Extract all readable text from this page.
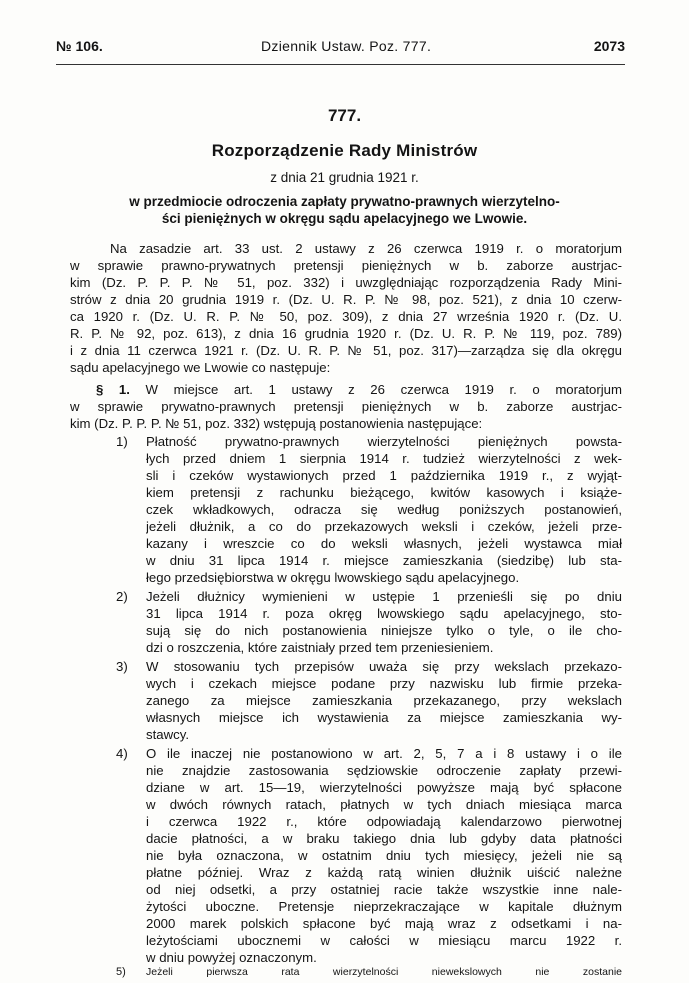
№ 106.	Dziennik Ustaw. Poz. 777.	2073
777.
Rozporządzenie Rady Ministrów
z dnia 21 grudnia 1921 r.
w przedmiocie odroczenia zapłaty prywatno-prawnych wierzytelno-
ści pieniężnych w okręgu sądu apelacyjnego we Lwowie.
Na zasadzie art. 33 ust. 2 ustawy z 26 czerwca 1919 r. o moratorjum
w sprawie prawno-prywatnych pretensji pieniężnych w b. zaborze austrjac-
kim (Dz. P. P. P. № 51, poz. 332) i uwzględniając rozporządzenia Rady Mini-
strów z dnia 20 grudnia 1919 r. (Dz. U. R. P. № 98, poz. 521), z dnia 10 czerw-
ca 1920 r. (Dz. U. R. P. № 50, poz. 309), z dnia 27 września 1920 r. (Dz. U.
R. P. № 92, poz. 613), z dnia 16 grudnia 1920 r. (Dz. U. R. P. № 119, poz. 789)
i z dnia 11 czerwca 1921 r. (Dz. U. R. P. № 51, poz. 317)—zarządza się dla okręgu
sądu apelacyjnego we Lwowie co następuje:
§ 1. W miejsce art. 1 ustawy z 26 czerwca 1919 r. o moratorjum
w sprawie prywatno-prawnych pretensji pieniężnych w b. zaborze austrjac-
kim (Dz. P. P. P. № 51, poz. 332) wstępują postanowienia następujące:
1) Płatność prywatno-prawnych wierzytelności pieniężnych powsta-
łych przed dniem 1 sierpnia 1914 r. tudzież wierzytelności z wek-
sli i czeków wystawionych przed 1 października 1919 r., z wyjąt-
kiem pretensji z rachunku bieżącego, kwitów kasowych i książe-
czek wkładkowych, odracza się według poniższych postanowień,
jeżeli dłużnik, a co do przekazowych weksli i czeków, jeżeli prze-
kazany i wreszcie co do weksli własnych, jeżeli wystawca miał
w dniu 31 lipca 1914 r. miejsce zamieszkania (siedzibę) lub sta-
łego przedsiębiorstwa w okręgu lwowskiego sądu apelacyjnego.
2) Jeżeli dłużnicy wymienieni w ustępie 1 przenieśli się po dniu
31 lipca 1914 r. poza okręg lwowskiego sądu apelacyjnego, sto-
sują się do nich postanowienia niniejsze tylko o tyle, o ile cho-
dzi o roszczenia, które zaistniały przed tem przeniesieniem.
3) W stosowaniu tych przepisów uważa się przy wekslach przekazo-
wych i czekach miejsce podane przy nazwisku lub firmie przeka-
zanego za miejsce zamieszkania przekazanego, przy wekslach
własnych miejsce ich wystawienia za miejsce zamieszkania wy-
stawcy.
4) O ile inaczej nie postanowiono w art. 2, 5, 7 a i 8 ustawy i o ile
nie znajdzie zastosowania sędziowskie odroczenie zapłaty przewi-
dziane w art. 15—19, wierzytelności powyższe mają być spłacone
w dwóch równych ratach, płatnych w tych dniach miesiąca marca
i czerwca 1922 r., które odpowiadają kalendarzowo pierwotnej
dacie płatności, a w braku takiego dnia lub gdyby data płatności
nie była oznaczona, w ostatnim dniu tych miesięcy, jeżeli nie są
płatne później. Wraz z każdą ratą winien dłużnik uiścić należne
od niej odsetki, a przy ostatniej racie także wszystkie inne nale-
żytości uboczne. Pretensje nieprzekraczające w kapitale dłużnym
2000 marek polskich spłacone być mają wraz z odsetkami i na-
leżytościami ubocznemi w całości w miesiącu marcu 1922 r.
w dniu powyżej oznaczonym.
5) Jeżeli pierwsza rata wierzytelności niewekslowych nie zostanie
